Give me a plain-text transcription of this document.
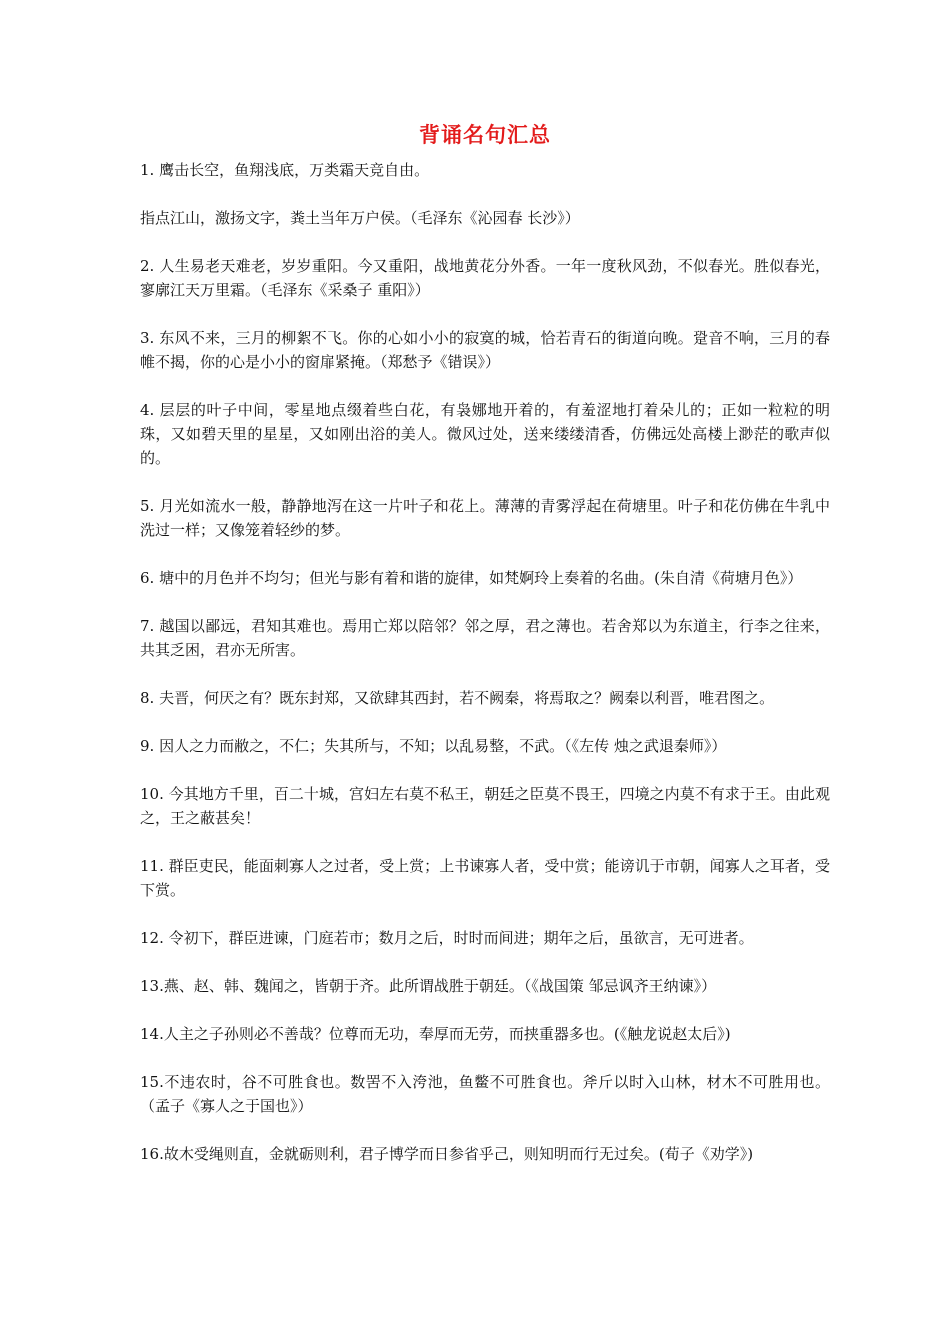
背诵名句汇总

1. 鹰击长空，鱼翔浅底，万类霜天竞自由。

指点江山，激扬文字，粪土当年万户侯。（毛泽东《沁园春 长沙》）

2. 人生易老天难老，岁岁重阳。今又重阳，战地黄花分外香。一年一度秋风劲，不似春光。胜似春光，寥廓江天万里霜。（毛泽东《采桑子 重阳》）

3. 东风不来，三月的柳絮不飞。你的心如小小的寂寞的城，恰若青石的街道向晚。跫音不响，三月的春帷不揭，你的心是小小的窗扉紧掩。（郑愁予《错误》）

4. 层层的叶子中间，零星地点缀着些白花，有袅娜地开着的，有羞涩地打着朵儿的；正如一粒粒的明珠，又如碧天里的星星，又如刚出浴的美人。微风过处，送来缕缕清香，仿佛远处高楼上渺茫的歌声似的。

5. 月光如流水一般，静静地泻在这一片叶子和花上。薄薄的青雾浮起在荷塘里。叶子和花仿佛在牛乳中洗过一样；又像笼着轻纱的梦。

6. 塘中的月色并不均匀；但光与影有着和谐的旋律，如梵婀玲上奏着的名曲。(朱自清《荷塘月色》）

7. 越国以鄙远，君知其难也。焉用亡郑以陪邻？邻之厚，君之薄也。若舍郑以为东道主，行李之往来，共其乏困，君亦无所害。

8. 夫晋，何厌之有？既东封郑，又欲肆其西封，若不阙秦，将焉取之？阙秦以利晋，唯君图之。

9. 因人之力而敝之，不仁；失其所与，不知；以乱易整，不武。（《左传 烛之武退秦师》）

10. 今其地方千里，百二十城，宫妇左右莫不私王，朝廷之臣莫不畏王，四境之内莫不有求于王。由此观之，王之蔽甚矣！

11. 群臣吏民，能面刺寡人之过者，受上赏；上书谏寡人者，受中赏；能谤讥于市朝，闻寡人之耳者，受下赏。

12. 令初下，群臣进谏，门庭若市；数月之后，时时而间进；期年之后，虽欲言，无可进者。

13.燕、赵、韩、魏闻之，皆朝于齐。此所谓战胜于朝廷。（《战国策 邹忌讽齐王纳谏》）

14.人主之子孙则必不善哉？位尊而无功，奉厚而无劳，而挟重器多也。(《触龙说赵太后》)

15.不违农时，谷不可胜食也。数罟不入洿池，鱼鳖不可胜食也。斧斤以时入山林，材木不可胜用也。（孟子《寡人之于国也》）

16.故木受绳则直，金就砺则利，君子博学而日参省乎己，则知明而行无过矣。(荀子《劝学》)
